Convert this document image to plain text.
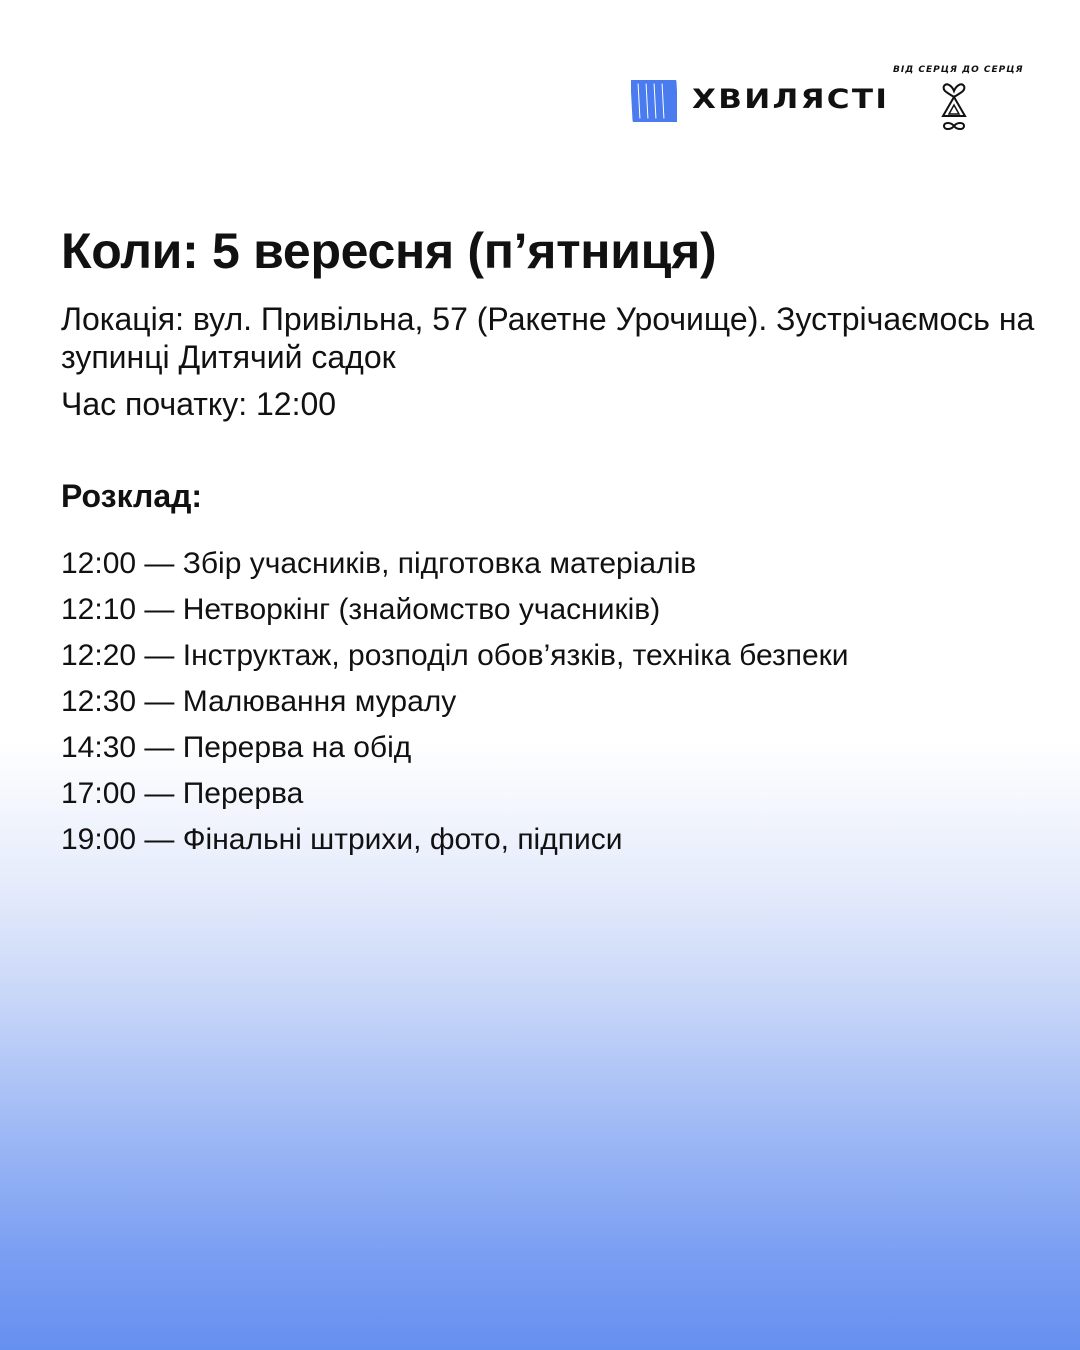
ХВИЛЯСТІ
ВІД СЕРЦЯ ДО СЕРЦЯ
Коли: 5 вересня (п’ятниця)

Локація: вул. Привільна, 57 (Ракетне Урочище). Зустрічаємось на зупинці Дитячий садок

Час початку: 12:00

Розклад:
12:00 — Збір учасників, підготовка матеріалів
12:10 — Нетворкінг (знайомство учасників)
12:20 — Інструктаж, розподіл обов’язків, техніка безпеки
12:30 — Малювання муралу
14:30 — Перерва на обід
17:00 — Перерва
19:00 — Фінальні штрихи, фото, підписи
